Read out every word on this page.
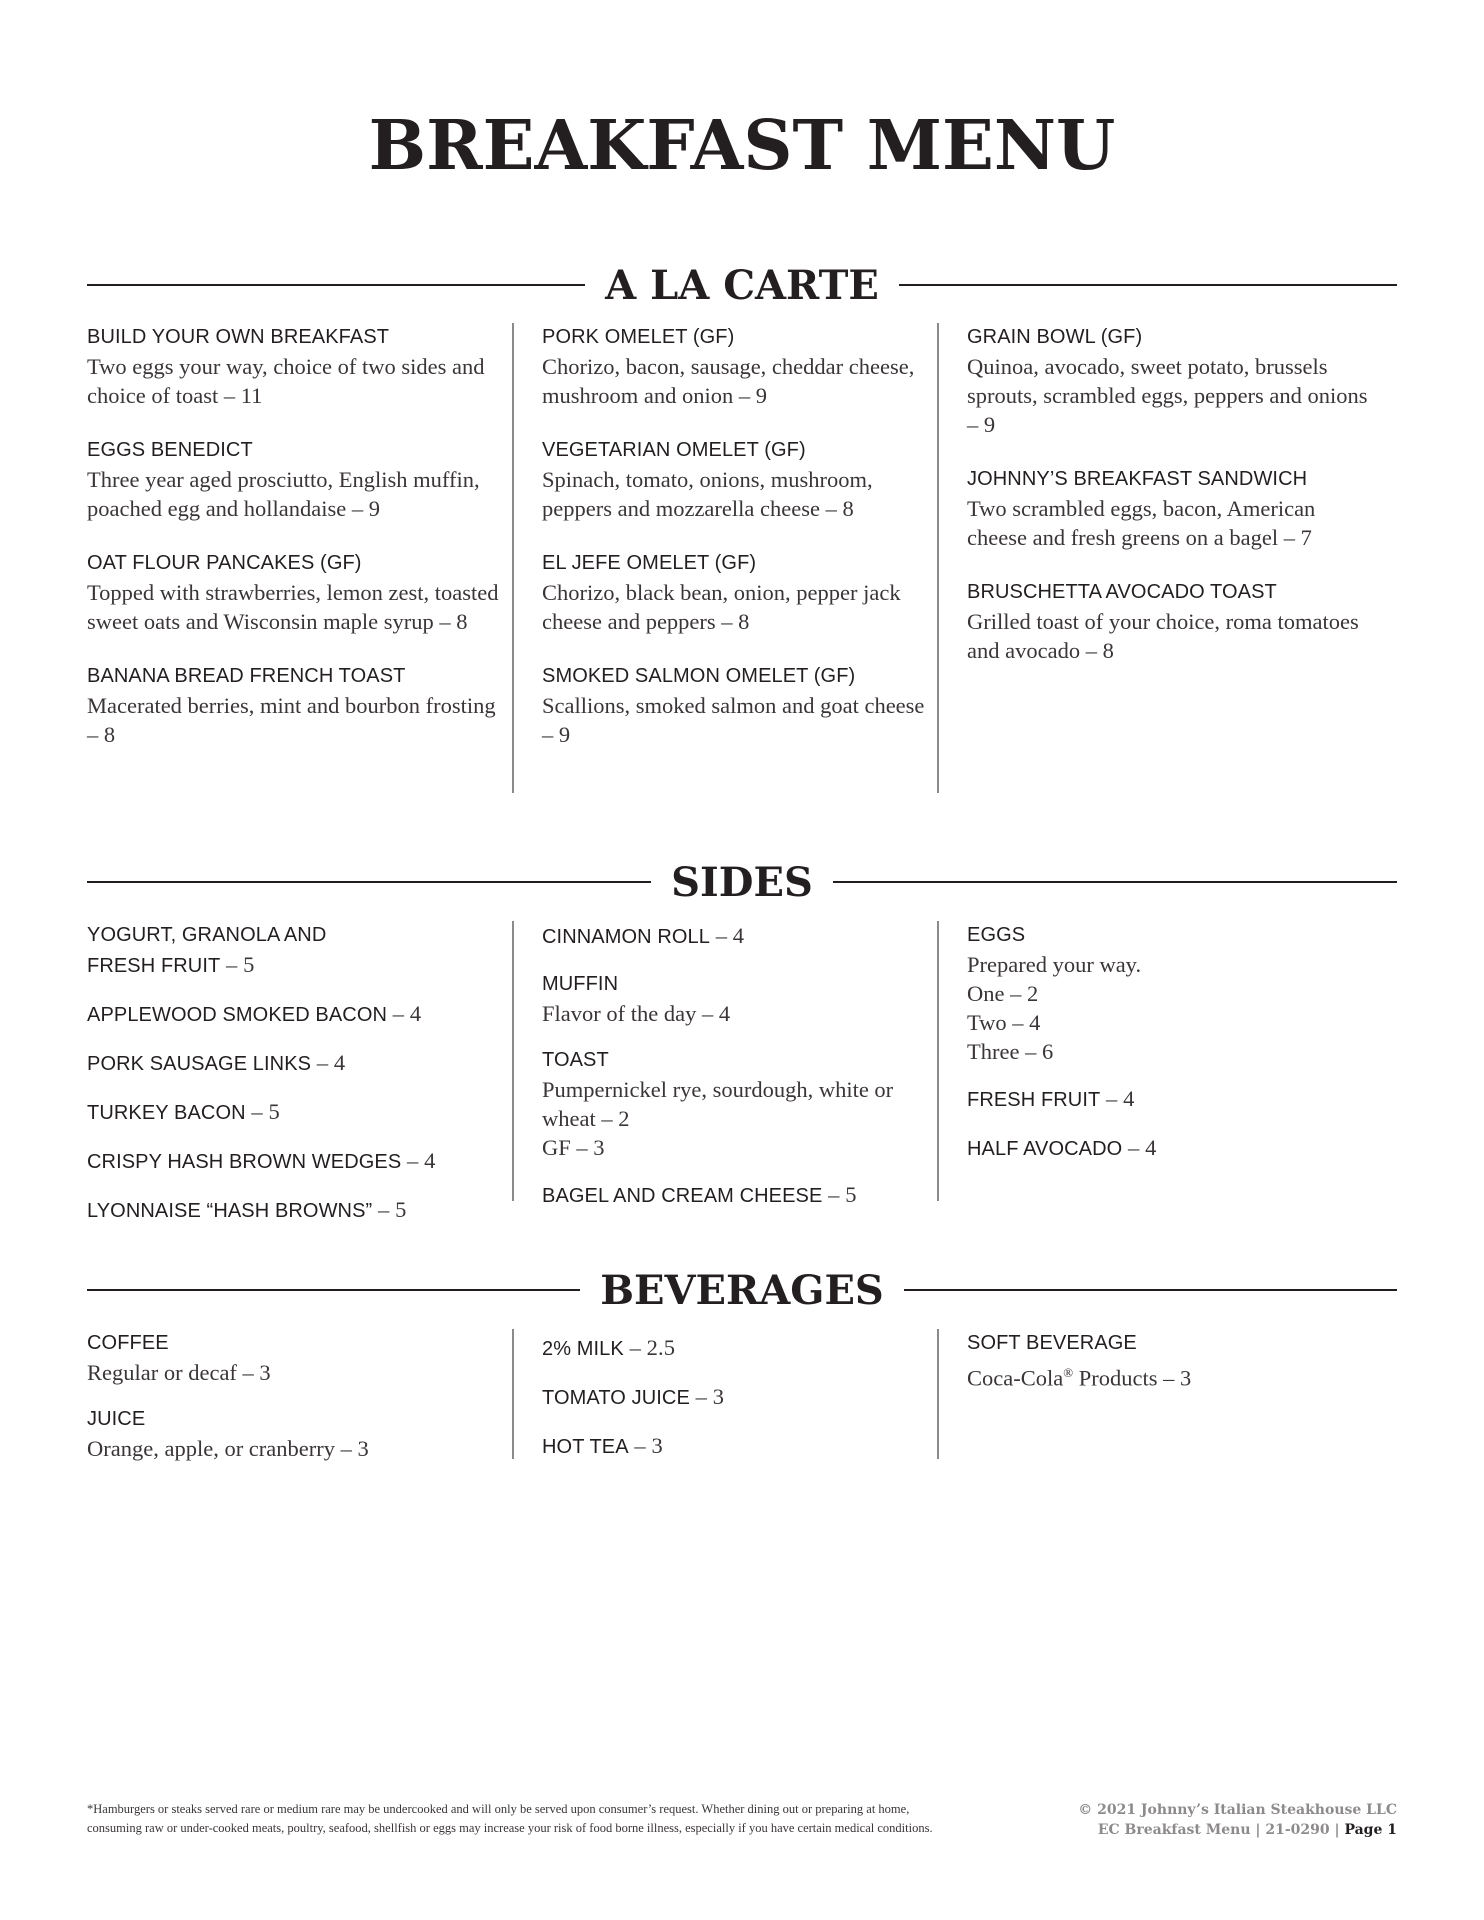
BREAKFAST MENU
A LA CARTE
BUILD YOUR OWN BREAKFAST
Two eggs your way, choice of two sides and choice of toast – 11
EGGS BENEDICT
Three year aged prosciutto, English muffin, poached egg and hollandaise – 9
OAT FLOUR PANCAKES (GF)
Topped with strawberries, lemon zest, toasted sweet oats and Wisconsin maple syrup – 8
BANANA BREAD FRENCH TOAST
Macerated berries, mint and bourbon frosting – 8
PORK OMELET (GF)
Chorizo, bacon, sausage, cheddar cheese, mushroom and onion – 9
VEGETARIAN OMELET (GF)
Spinach, tomato, onions, mushroom, peppers and mozzarella cheese – 8
EL JEFE OMELET (GF)
Chorizo, black bean, onion, pepper jack cheese and peppers – 8
SMOKED SALMON OMELET (GF)
Scallions, smoked salmon and goat cheese – 9
GRAIN BOWL (GF)
Quinoa, avocado, sweet potato, brussels sprouts, scrambled eggs, peppers and onions – 9
JOHNNY’S BREAKFAST SANDWICH
Two scrambled eggs, bacon, American cheese and fresh greens on a bagel – 7
BRUSCHETTA AVOCADO TOAST
Grilled toast of your choice, roma tomatoes and avocado – 8
SIDES
YOGURT, GRANOLA AND
FRESH FRUIT – 5
APPLEWOOD SMOKED BACON – 4
PORK SAUSAGE LINKS – 4
TURKEY BACON – 5
CRISPY HASH BROWN WEDGES – 4
LYONNAISE “HASH BROWNS” – 5
CINNAMON ROLL – 4
MUFFIN
Flavor of the day – 4
TOAST
Pumpernickel rye, sourdough, white or wheat – 2
GF – 3
BAGEL AND CREAM CHEESE – 5
EGGS
Prepared your way.
One – 2
Two – 4
Three – 6
FRESH FRUIT – 4
HALF AVOCADO – 4
BEVERAGES
COFFEE
Regular or decaf – 3
JUICE
Orange, apple, or cranberry – 3
2% MILK – 2.5
TOMATO JUICE – 3
HOT TEA – 3
SOFT BEVERAGE
Coca-Cola® Products – 3
*Hamburgers or steaks served rare or medium rare may be undercooked and will only be served upon consumer’s request. Whether dining out or preparing at home,
consuming raw or under-cooked meats, poultry, seafood, shellfish or eggs may increase your risk of food borne illness, especially if you have certain medical conditions.
© 2021 Johnny’s Italian Steakhouse LLC
EC Breakfast Menu | 21-0290 | Page 1
